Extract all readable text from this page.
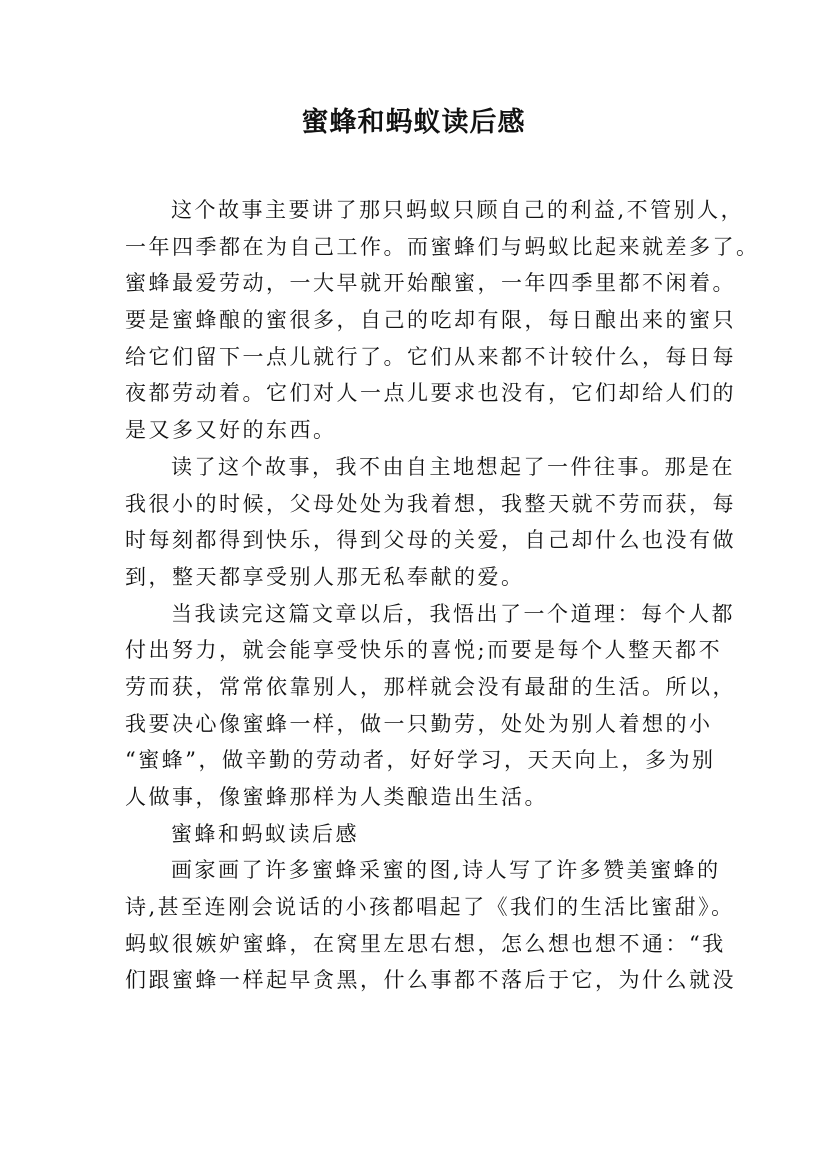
蜜蜂和蚂蚁读后感
这个故事主要讲了那只蚂蚁只顾自己的利益,不管别人，
一年四季都在为自己工作。而蜜蜂们与蚂蚁比起来就差多了。
蜜蜂最爱劳动，一大早就开始酿蜜，一年四季里都不闲着。
要是蜜蜂酿的蜜很多，自己的吃却有限，每日酿出来的蜜只
给它们留下一点儿就行了。它们从来都不计较什么，每日每
夜都劳动着。它们对人一点儿要求也没有，它们却给人们的
是又多又好的东西。
读了这个故事，我不由自主地想起了一件往事。那是在
我很小的时候，父母处处为我着想，我整天就不劳而获，每
时每刻都得到快乐，得到父母的关爱，自己却什么也没有做
到，整天都享受别人那无私奉献的爱。
当我读完这篇文章以后，我悟出了一个道理：每个人都
付出努力，就会能享受快乐的喜悦;而要是每个人整天都不
劳而获，常常依靠别人，那样就会没有最甜的生活。所以，
我要决心像蜜蜂一样，做一只勤劳，处处为别人着想的小
“蜜蜂”，做辛勤的劳动者，好好学习，天天向上，多为别
人做事，像蜜蜂那样为人类酿造出生活。
蜜蜂和蚂蚁读后感
画家画了许多蜜蜂采蜜的图,诗人写了许多赞美蜜蜂的
诗,甚至连刚会说话的小孩都唱起了《我们的生活比蜜甜》。
蚂蚁很嫉妒蜜蜂，在窝里左思右想，怎么想也想不通：“我
们跟蜜蜂一样起早贪黑，什么事都不落后于它，为什么就没
